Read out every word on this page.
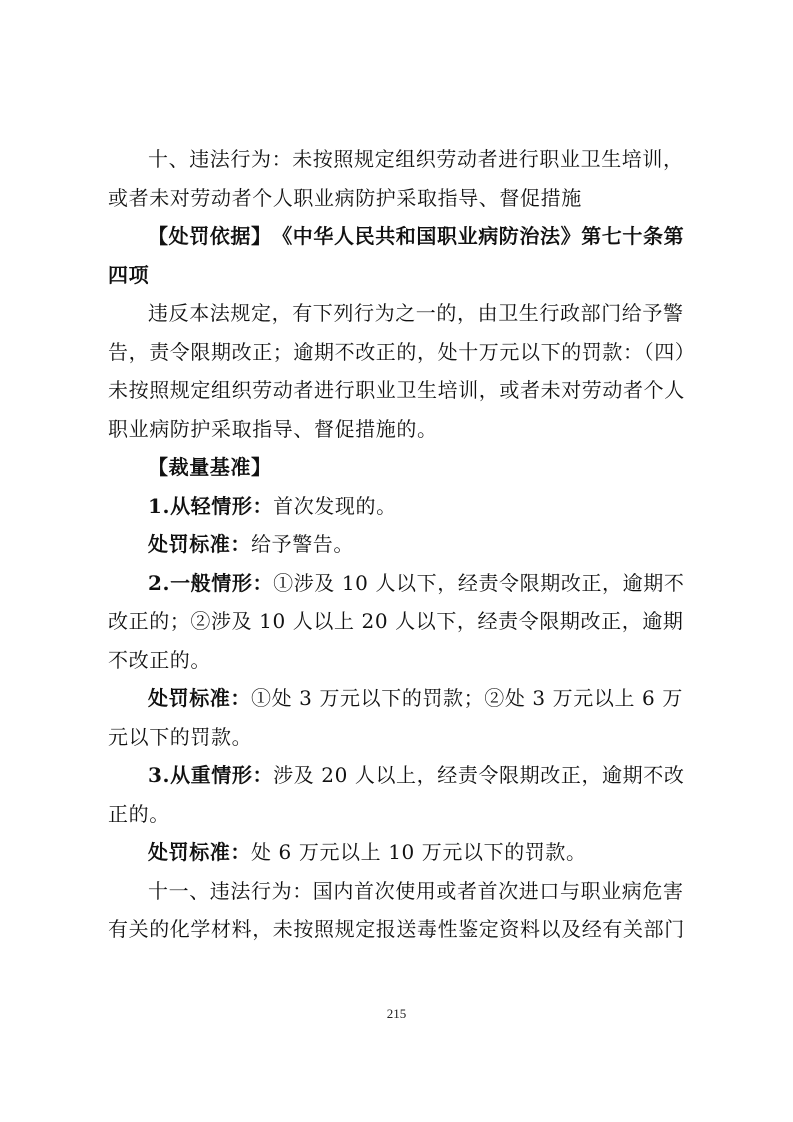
十、违法行为：未按照规定组织劳动者进行职业卫生培训，或者未对劳动者个人职业病防护采取指导、督促措施

【处罚依据】　《中华人民共和国职业病防治法》第七十条第四项

违反本法规定，有下列行为之一的，由卫生行政部门给予警告，责令限期改正；逾期不改正的，处十万元以下的罚款：（四）未按照规定组织劳动者进行职业卫生培训，或者未对劳动者个人职业病防护采取指导、督促措施的。

【裁量基准】

1.从轻情形：首次发现的。

处罚标准：给予警告。

2.一般情形：①涉及 10 人以下，经责令限期改正，逾期不改正的；②涉及 10 人以上 20 人以下，经责令限期改正，逾期不改正的。

处罚标准：①处 3 万元以下的罚款；②处 3 万元以上 6 万元以下的罚款。

3.从重情形：涉及 20 人以上，经责令限期改正，逾期不改正的。

处罚标准：处 6 万元以上 10 万元以下的罚款。

十一、违法行为：国内首次使用或者首次进口与职业病危害有关的化学材料，未按照规定报送毒性鉴定资料以及经有关部门

215
